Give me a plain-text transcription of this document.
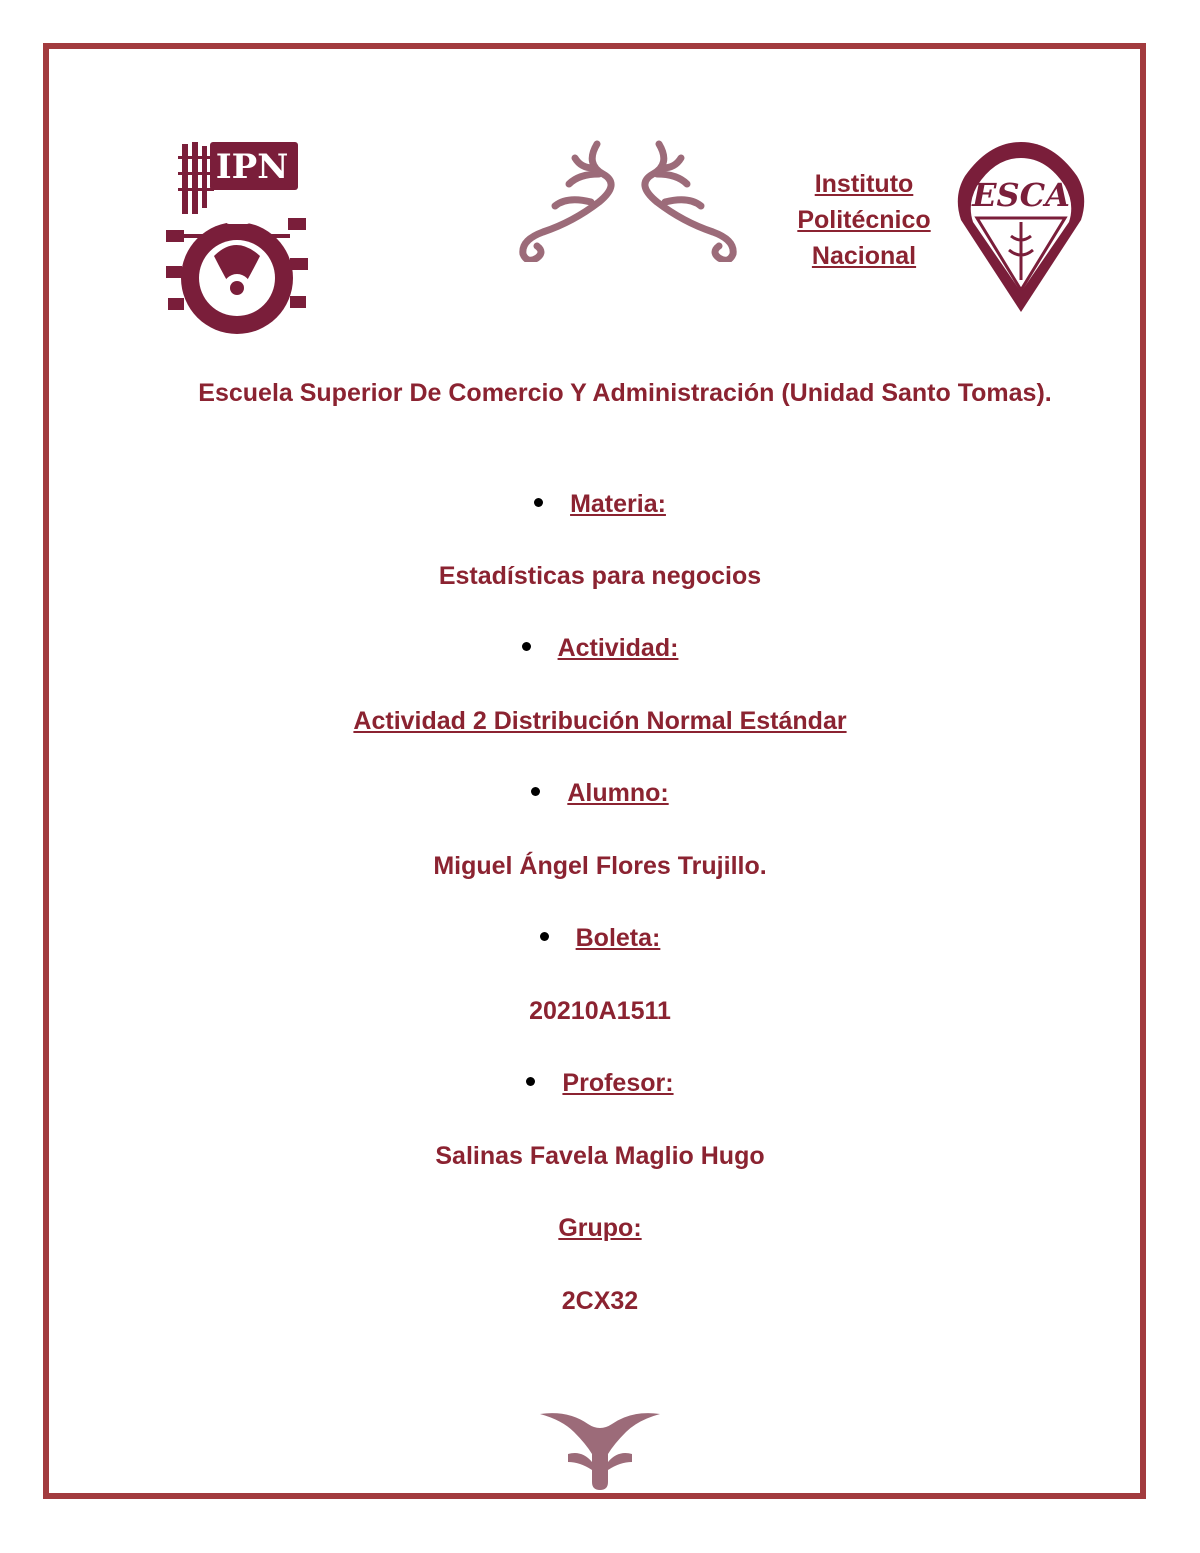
IPN	Instituto
Politécnico
Nacional
ESCA
Escuela Superior De Comercio Y Administración (Unidad Santo Tomas).
Materia:
Estadísticas para negocios
Actividad:
Actividad 2 Distribución Normal Estándar
Alumno:
Miguel Ángel Flores Trujillo.
Boleta:
20210A1511
Profesor:
Salinas Favela Maglio Hugo
Grupo:
2CX32
